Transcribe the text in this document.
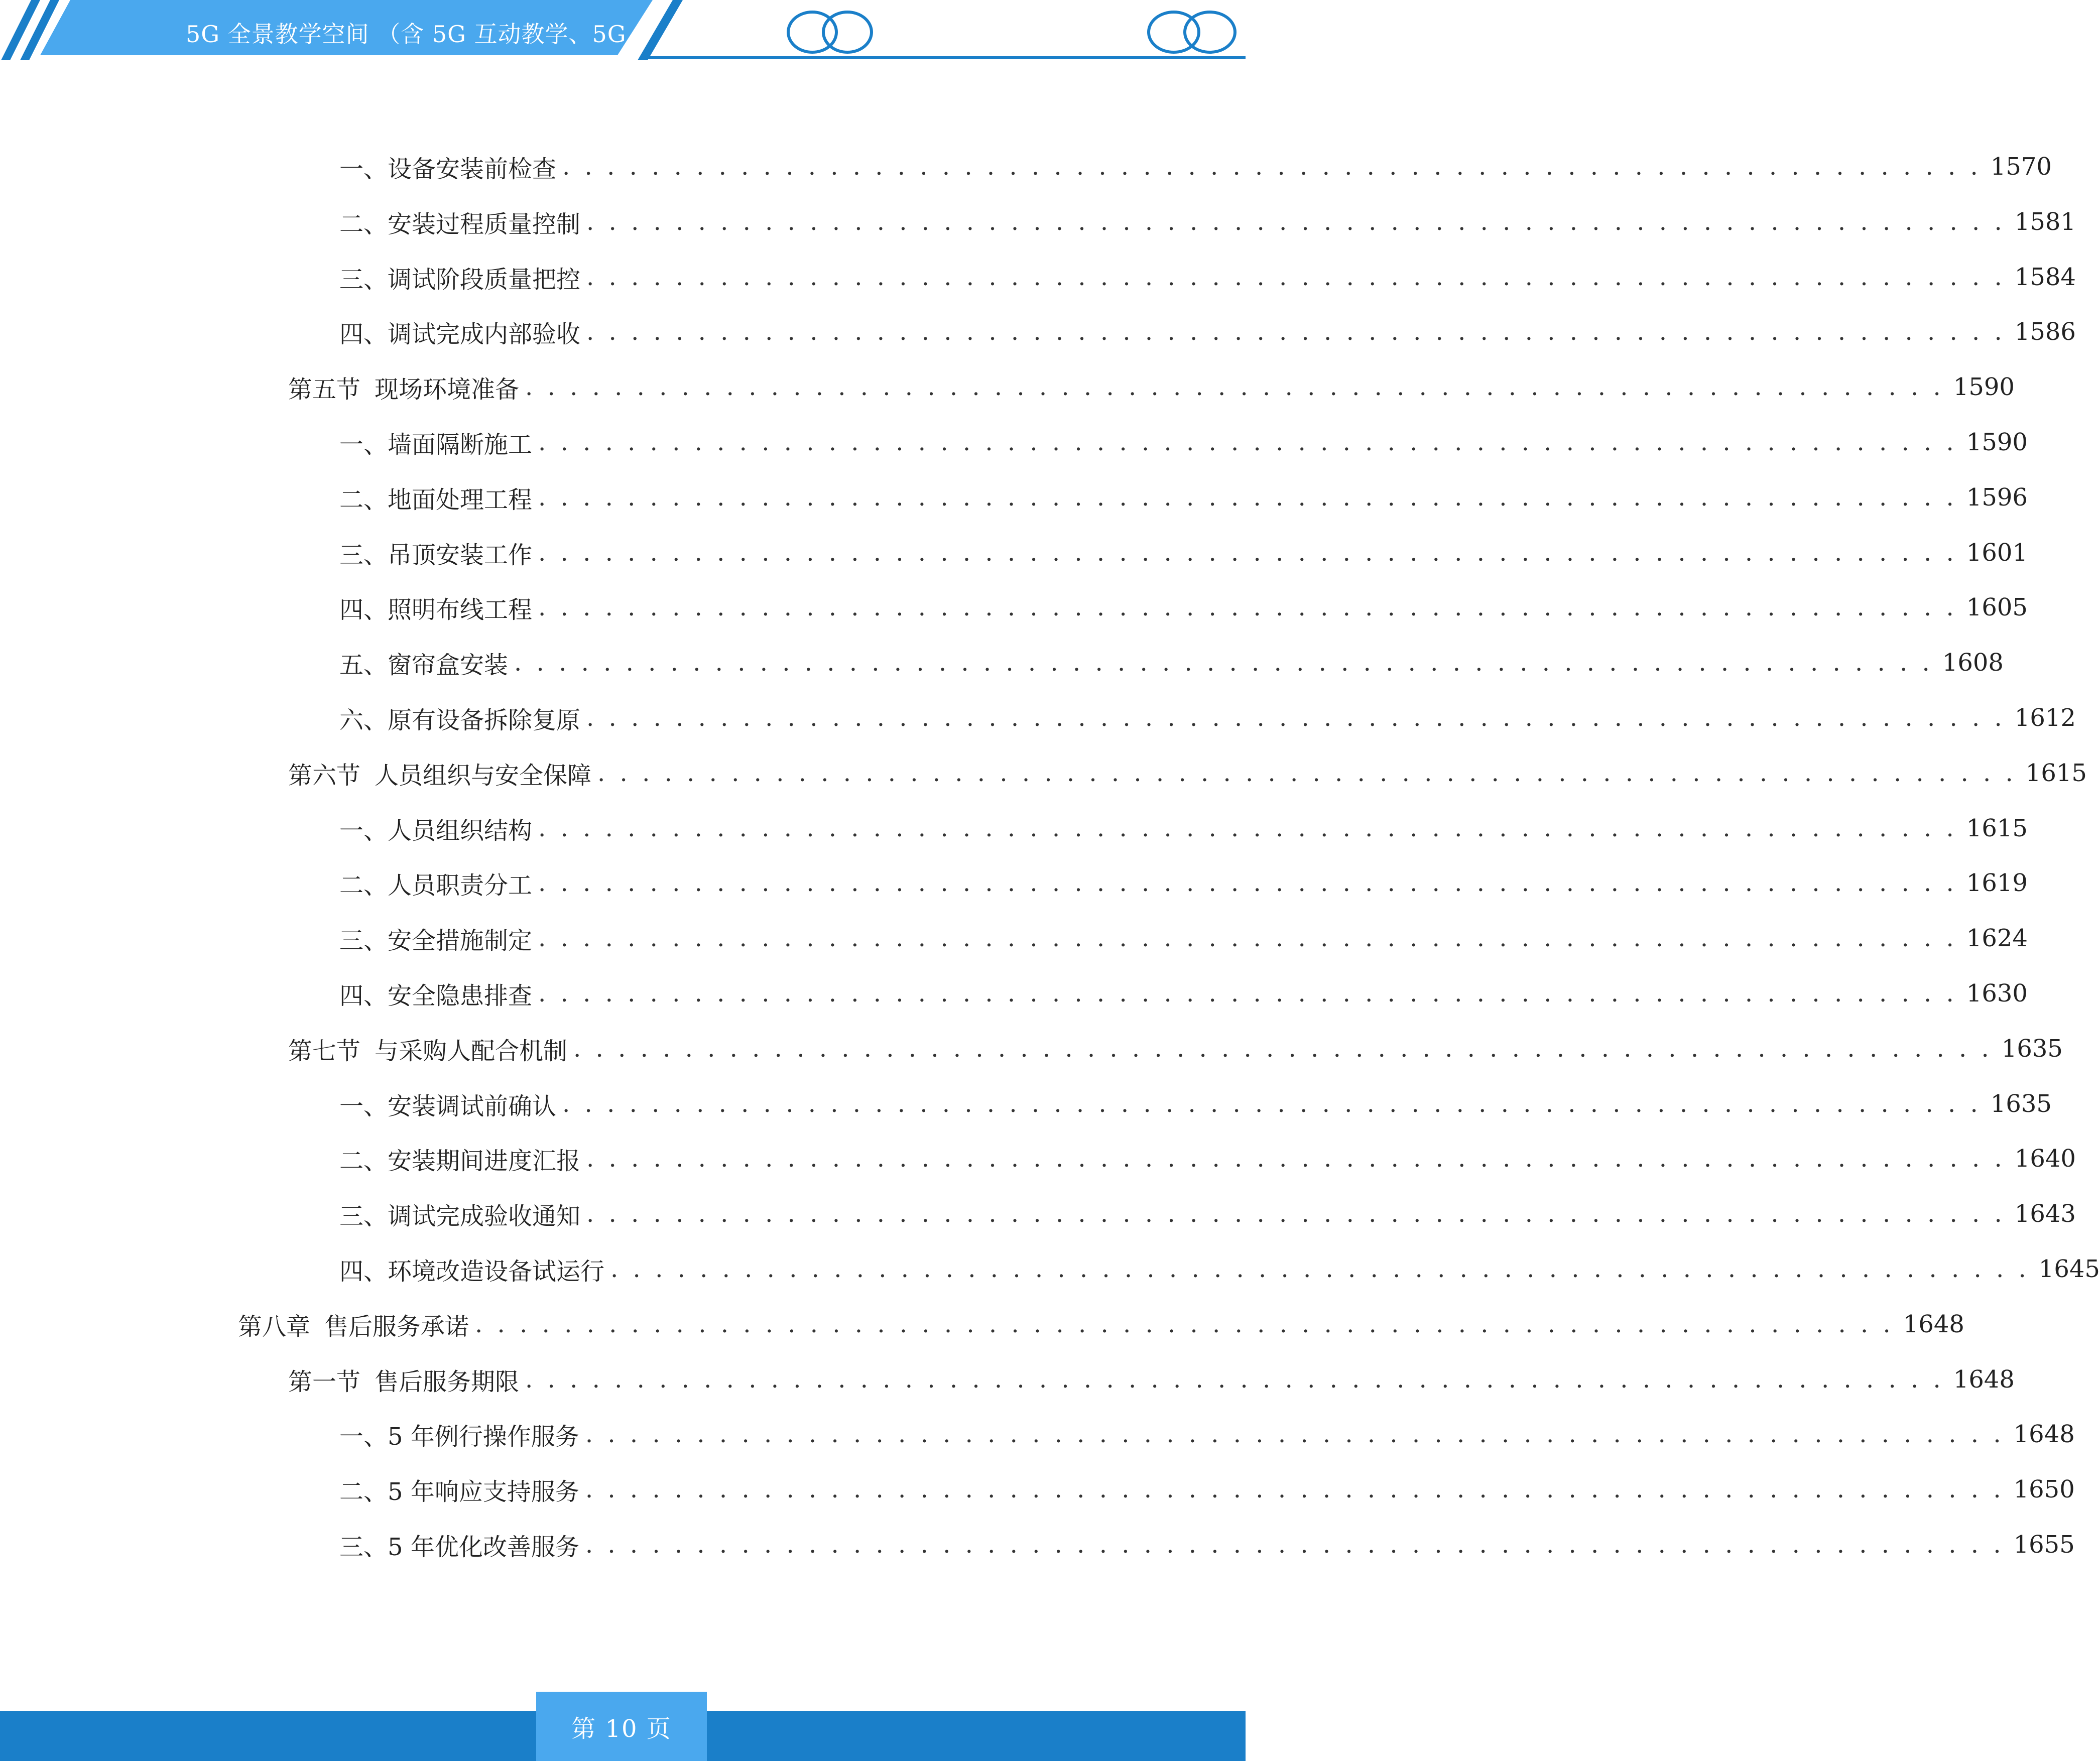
5G 全景教学空间 （含 5G 互动教学、5G
一、 设备安装前检查 . . . . . . . . . . . . . . . . . . . . . . . . . . . . . . . . . . . . . . . . . . . . . . . . . . . . . . . . . . . . . . . . 1570
二、 安装过程质量控制 . . . . . . . . . . . . . . . . . . . . . . . . . . . . . . . . . . . . . . . . . . . . . . . . . . . . . . . . . . . . . . . . 1581
三、 调试阶段质量把控 . . . . . . . . . . . . . . . . . . . . . . . . . . . . . . . . . . . . . . . . . . . . . . . . . . . . . . . . . . . . . . . . 1584
四、 调试完成内部验收 . . . . . . . . . . . . . . . . . . . . . . . . . . . . . . . . . . . . . . . . . . . . . . . . . . . . . . . . . . . . . . . . 1586
第五节 现场环境准备 . . . . . . . . . . . . . . . . . . . . . . . . . . . . . . . . . . . . . . . . . . . . . . . . . . . . . . . . . . . . . . . . 1590
一、 墙面隔断施工 . . . . . . . . . . . . . . . . . . . . . . . . . . . . . . . . . . . . . . . . . . . . . . . . . . . . . . . . . . . . . . . . 1590
二、 地面处理工程 . . . . . . . . . . . . . . . . . . . . . . . . . . . . . . . . . . . . . . . . . . . . . . . . . . . . . . . . . . . . . . . . 1596
三、 吊顶安装工作 . . . . . . . . . . . . . . . . . . . . . . . . . . . . . . . . . . . . . . . . . . . . . . . . . . . . . . . . . . . . . . . . 1601
四、 照明布线工程 . . . . . . . . . . . . . . . . . . . . . . . . . . . . . . . . . . . . . . . . . . . . . . . . . . . . . . . . . . . . . . . . 1605
五、 窗帘盒安装 . . . . . . . . . . . . . . . . . . . . . . . . . . . . . . . . . . . . . . . . . . . . . . . . . . . . . . . . . . . . . . . . 1608
六、 原有设备拆除复原 . . . . . . . . . . . . . . . . . . . . . . . . . . . . . . . . . . . . . . . . . . . . . . . . . . . . . . . . . . . . . . . . 1612
第六节 人员组织与安全保障 . . . . . . . . . . . . . . . . . . . . . . . . . . . . . . . . . . . . . . . . . . . . . . . . . . . . . . . . . . . . . . . . 1615
一、 人员组织结构 . . . . . . . . . . . . . . . . . . . . . . . . . . . . . . . . . . . . . . . . . . . . . . . . . . . . . . . . . . . . . . . . 1615
二、 人员职责分工 . . . . . . . . . . . . . . . . . . . . . . . . . . . . . . . . . . . . . . . . . . . . . . . . . . . . . . . . . . . . . . . . 1619
三、 安全措施制定 . . . . . . . . . . . . . . . . . . . . . . . . . . . . . . . . . . . . . . . . . . . . . . . . . . . . . . . . . . . . . . . . 1624
四、 安全隐患排查 . . . . . . . . . . . . . . . . . . . . . . . . . . . . . . . . . . . . . . . . . . . . . . . . . . . . . . . . . . . . . . . . 1630
第七节 与采购人配合机制 . . . . . . . . . . . . . . . . . . . . . . . . . . . . . . . . . . . . . . . . . . . . . . . . . . . . . . . . . . . . . . . . 1635
一、 安装调试前确认 . . . . . . . . . . . . . . . . . . . . . . . . . . . . . . . . . . . . . . . . . . . . . . . . . . . . . . . . . . . . . . . . 1635
二、 安装期间进度汇报 . . . . . . . . . . . . . . . . . . . . . . . . . . . . . . . . . . . . . . . . . . . . . . . . . . . . . . . . . . . . . . . . 1640
三、 调试完成验收通知 . . . . . . . . . . . . . . . . . . . . . . . . . . . . . . . . . . . . . . . . . . . . . . . . . . . . . . . . . . . . . . . . 1643
四、 环境改造设备试运行 . . . . . . . . . . . . . . . . . . . . . . . . . . . . . . . . . . . . . . . . . . . . . . . . . . . . . . . . . . . . . . . . 1645
第八章 售后服务承诺 . . . . . . . . . . . . . . . . . . . . . . . . . . . . . . . . . . . . . . . . . . . . . . . . . . . . . . . . . . . . . . . . 1648
第一节 售后服务期限 . . . . . . . . . . . . . . . . . . . . . . . . . . . . . . . . . . . . . . . . . . . . . . . . . . . . . . . . . . . . . . . . 1648
一、 5 年例行操作服务 . . . . . . . . . . . . . . . . . . . . . . . . . . . . . . . . . . . . . . . . . . . . . . . . . . . . . . . . . . . . . . . . 1648
二、 5 年响应支持服务 . . . . . . . . . . . . . . . . . . . . . . . . . . . . . . . . . . . . . . . . . . . . . . . . . . . . . . . . . . . . . . . . 1650
三、 5 年优化改善服务 . . . . . . . . . . . . . . . . . . . . . . . . . . . . . . . . . . . . . . . . . . . . . . . . . . . . . . . . . . . . . . . . 1655
第 10 页
